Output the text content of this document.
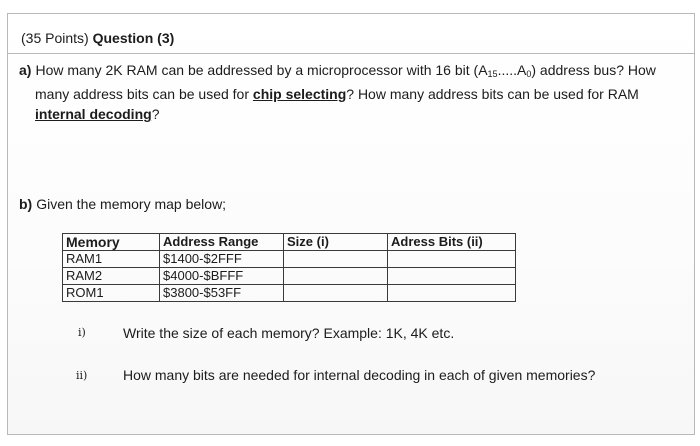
(35 Points) Question (3)
a) How many 2K RAM can be addressed by a microprocessor with 16 bit $(A_{15}.....A_0)$ address bus? How
many address bits can be used for chip selecting? How many address bits can be used for RAM
internal decoding?
b) Given the memory map below;
Memory	Address Range	Size (i)	Adress Bits (ii)
RAM1	$1400-$2FFF		
RAM2	$4000-$BFFF		
ROM1	$3800-$53FF		
i)	Write the size of each memory? Example: 1K, 4K etc.
ii)	How many bits are needed for internal decoding in each of given memories?
